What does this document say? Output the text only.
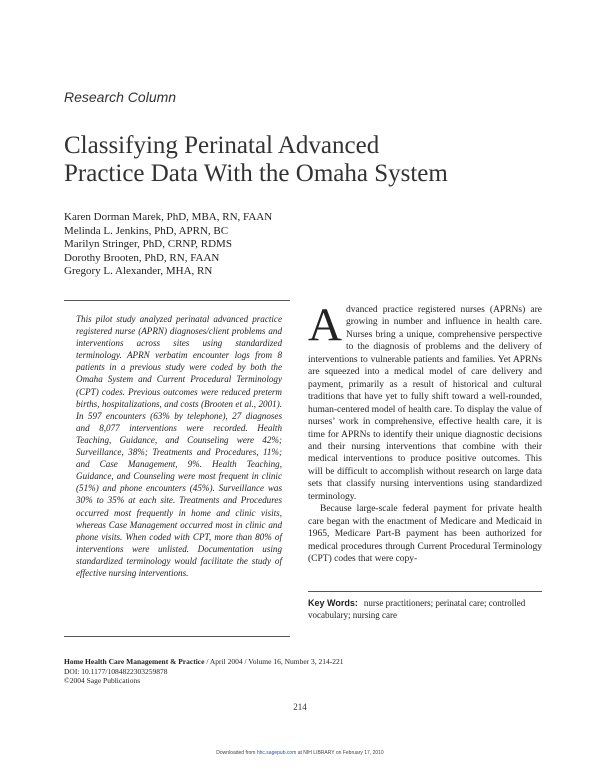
Research Column
Classifying Perinatal Advanced
Practice Data With the Omaha System
Karen Dorman Marek, PhD, MBA, RN, FAAN
Melinda L. Jenkins, PhD, APRN, BC
Marilyn Stringer, PhD, CRNP, RDMS
Dorothy Brooten, PhD, RN, FAAN
Gregory L. Alexander, MHA, RN
This pilot study analyzed perinatal advanced practice registered nurse (APRN) diagnoses/client problems and interventions across sites using standardized terminology. APRN verbatim encounter logs from 8 patients in a previous study were coded by both the Omaha System and Current Procedural Terminology (CPT) codes. Previous outcomes were reduced preterm births, hospitalizations, and costs (Brooten et al., 2001). In 597 encounters (63% by telephone), 27 diagnoses and 8,077 interventions were recorded. Health Teaching, Guidance, and Counseling were 42%; Surveillance, 38%; Treatments and Procedures, 11%; and Case Management, 9%. Health Teaching, Guidance, and Counseling were most frequent in clinic (51%) and phone encounters (45%). Surveillance was 30% to 35% at each site. Treatments and Procedures occurred most frequently in home and clinic visits, whereas Case Management occurred most in clinic and phone visits. When coded with CPT, more than 80% of interventions were unlisted. Documentation using standardized terminology would facilitate the study of effective nursing interventions.

A dvanced practice registered nurses (APRNs) are growing in number and influence in health care. Nurses bring a unique, comprehensive perspective to the diagnosis of problems and the delivery of interventions to vulnerable patients and families. Yet APRNs are squeezed into a medical model of care delivery and payment, primarily as a result of historical and cultural traditions that have yet to fully shift toward a well-rounded, human-centered model of health care. To display the value of nurses’ work in comprehensive, effective health care, it is time for APRNs to identify their unique diagnostic decisions and their nursing interventions that combine with their medical interventions to produce positive outcomes. This will be difficult to accomplish without research on large data sets that classify nursing interventions using standardized terminology.

Because large-scale federal payment for private health care began with the enactment of Medicare and Medicaid in 1965, Medicare Part-B payment has been authorized for medical procedures through Current Procedural Terminology (CPT) codes that were copy-

Key Words: nurse practitioners; perinatal care; controlled vocabulary; nursing care
Home Health Care Management & Practice / April 2004 / Volume 16, Number 3, 214-221
DOI: 10.1177/1084822303259878
©2004 Sage Publications
214
Downloaded from hhc.sagepub.com at NIH LIBRARY on February 17, 2010
